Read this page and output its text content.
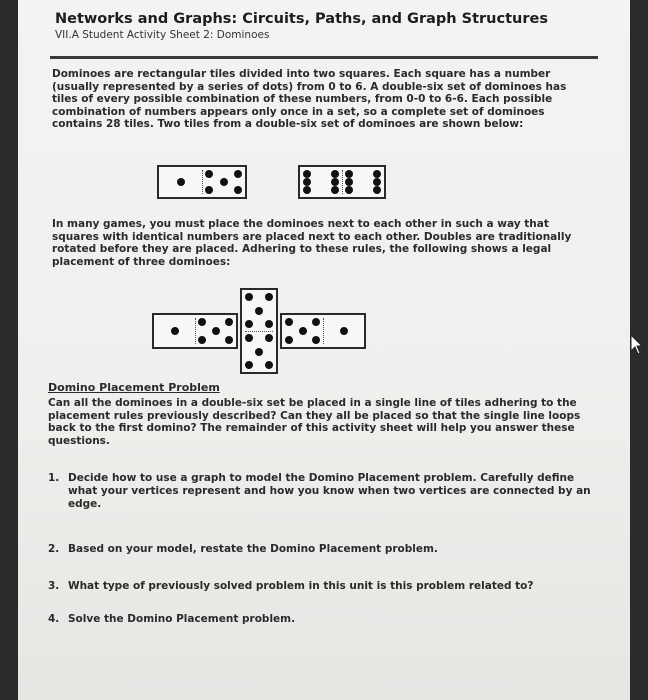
Networks and Graphs: Circuits, Paths, and Graph Structures
VII.A Student Activity Sheet 2: Dominoes
Dominoes are rectangular tiles divided into two squares. Each square has a number (usually represented by a series of dots) from 0 to 6. A double-six set of dominoes has tiles of every possible combination of these numbers, from 0-0 to 6-6. Each possible combination of numbers appears only once in a set, so a complete set of dominoes contains 28 tiles. Two tiles from a double-six set of dominoes are shown below:
In many games, you must place the dominoes next to each other in such a way that squares with identical numbers are placed next to each other. Doubles are traditionally rotated before they are placed. Adhering to these rules, the following shows a legal placement of three dominoes:
Domino Placement Problem
Can all the dominoes in a double-six set be placed in a single line of tiles adhering to the placement rules previously described? Can they all be placed so that the single line loops back to the first domino? The remainder of this activity sheet will help you answer these questions.
1. Decide how to use a graph to model the Domino Placement problem. Carefully define what your vertices represent and how you know when two vertices are connected by an edge.
2. Based on your model, restate the Domino Placement problem.
3. What type of previously solved problem in this unit is this problem related to?
4. Solve the Domino Placement problem.
